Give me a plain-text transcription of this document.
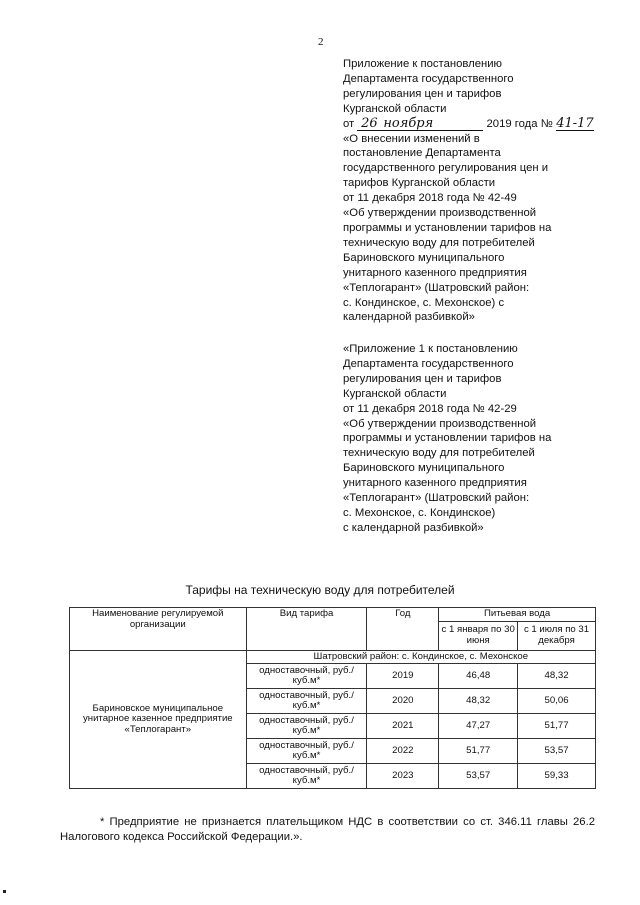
2
Приложение к постановлению
Департамента государственного
регулирования цен и тарифов
Курганской области
от 26 ноября	2019 года № 41-17
«О внесении изменений в
постановление Департамента
государственного регулирования цен и
тарифов Курганской области
от 11 декабря 2018 года № 42-49
«Об утверждении производственной
программы и установлении тарифов на
техническую воду для потребителей
Бариновского муниципального
унитарного казенного предприятия
«Теплогарант» (Шатровский район:
с. Кондинское, с. Мехонское) с
календарной разбивкой»
«Приложение 1 к постановлению
Департамента государственного
регулирования цен и тарифов
Курганской области
от 11 декабря 2018 года № 42-29
«Об утверждении производственной
программы и установлении тарифов на
техническую воду для потребителей
Бариновского муниципального
унитарного казенного предприятия
«Теплогарант» (Шатровский район:
с. Мехонское, с. Кондинское)
с календарной разбивкой»
Тарифы на техническую воду для потребителей
Наименование регулируемой организации	Вид тарифа	Год	Питьевая вода	
			с 1 января по 30 июня	с 1 июля по 31 декабря
Бариновское муниципальное унитарное казенное предприятие «Теплогарант»	Шатровский район: с. Кондинское, с. Мехонское			
	одноставочный, руб./куб.м*	2019	46,48	48,32
	одноставочный, руб./куб.м*	2020	48,32	50,06
	одноставочный, руб./куб.м*	2021	47,27	51,77
	одноставочный, руб./куб.м*	2022	51,77	53,57
	одноставочный, руб./куб.м*	2023	53,57	59,33
* Предприятие не признается плательщиком НДС в соответствии со ст. 346.11 главы 26.2 Налогового кодекса Российской Федерации.».
